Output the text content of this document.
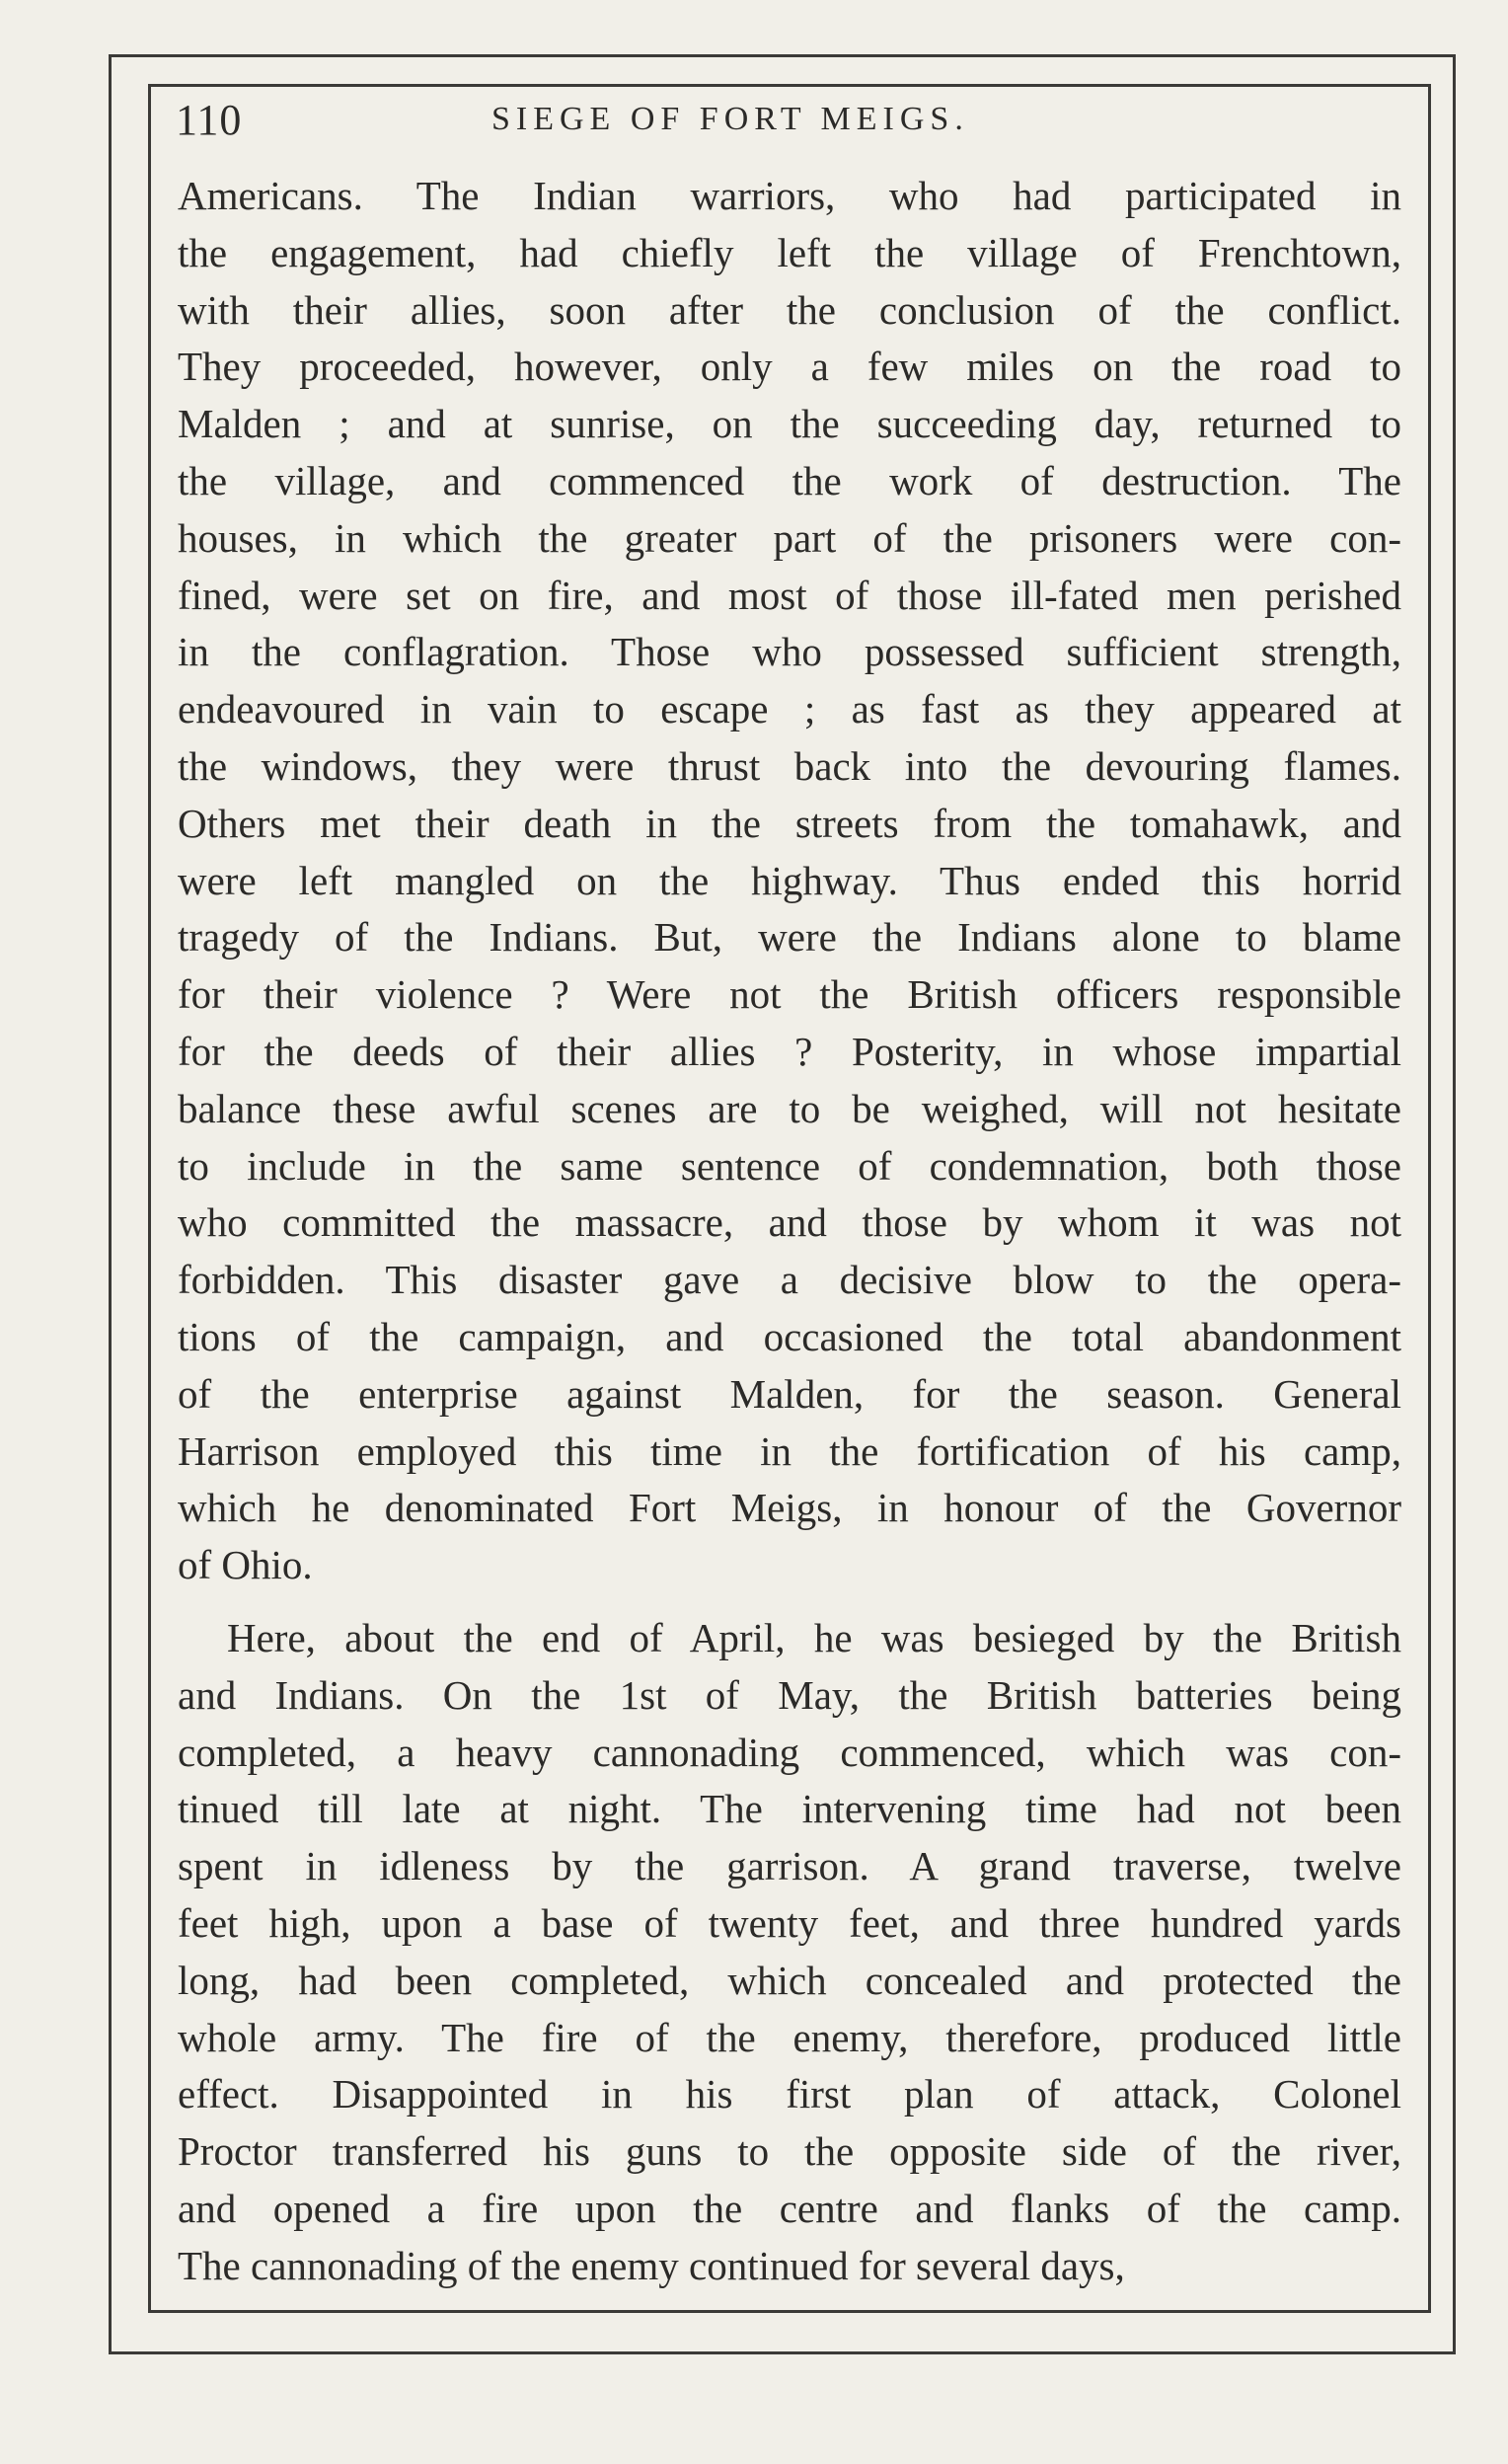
110	SIEGE OF FORT MEIGS.
Americans. The Indian warriors, who had participated in
the engagement, had chiefly left the village of Frenchtown,
with their allies, soon after the conclusion of the conflict.
They proceeded, however, only a few miles on the road to
Malden ; and at sunrise, on the succeeding day, returned to
the village, and commenced the work of destruction. The
houses, in which the greater part of the prisoners were con-
fined, were set on fire, and most of those ill-fated men perished
in the conflagration. Those who possessed sufficient strength,
endeavoured in vain to escape ; as fast as they appeared at
the windows, they were thrust back into the devouring flames.
Others met their death in the streets from the tomahawk, and
were left mangled on the highway. Thus ended this horrid
tragedy of the Indians. But, were the Indians alone to blame
for their violence ? Were not the British officers responsible
for the deeds of their allies ? Posterity, in whose impartial
balance these awful scenes are to be weighed, will not hesitate
to include in the same sentence of condemnation, both those
who committed the massacre, and those by whom it was not
forbidden. This disaster gave a decisive blow to the opera-
tions of the campaign, and occasioned the total abandonment
of the enterprise against Malden, for the season. General
Harrison employed this time in the fortification of his camp,
which he denominated Fort Meigs, in honour of the Governor
of Ohio.
Here, about the end of April, he was besieged by the British
and Indians. On the 1st of May, the British batteries being
completed, a heavy cannonading commenced, which was con-
tinued till late at night. The intervening time had not been
spent in idleness by the garrison. A grand traverse, twelve
feet high, upon a base of twenty feet, and three hundred yards
long, had been completed, which concealed and protected the
whole army. The fire of the enemy, therefore, produced little
effect. Disappointed in his first plan of attack, Colonel
Proctor transferred his guns to the opposite side of the river,
and opened a fire upon the centre and flanks of the camp.
The cannonading of the enemy continued for several days,
